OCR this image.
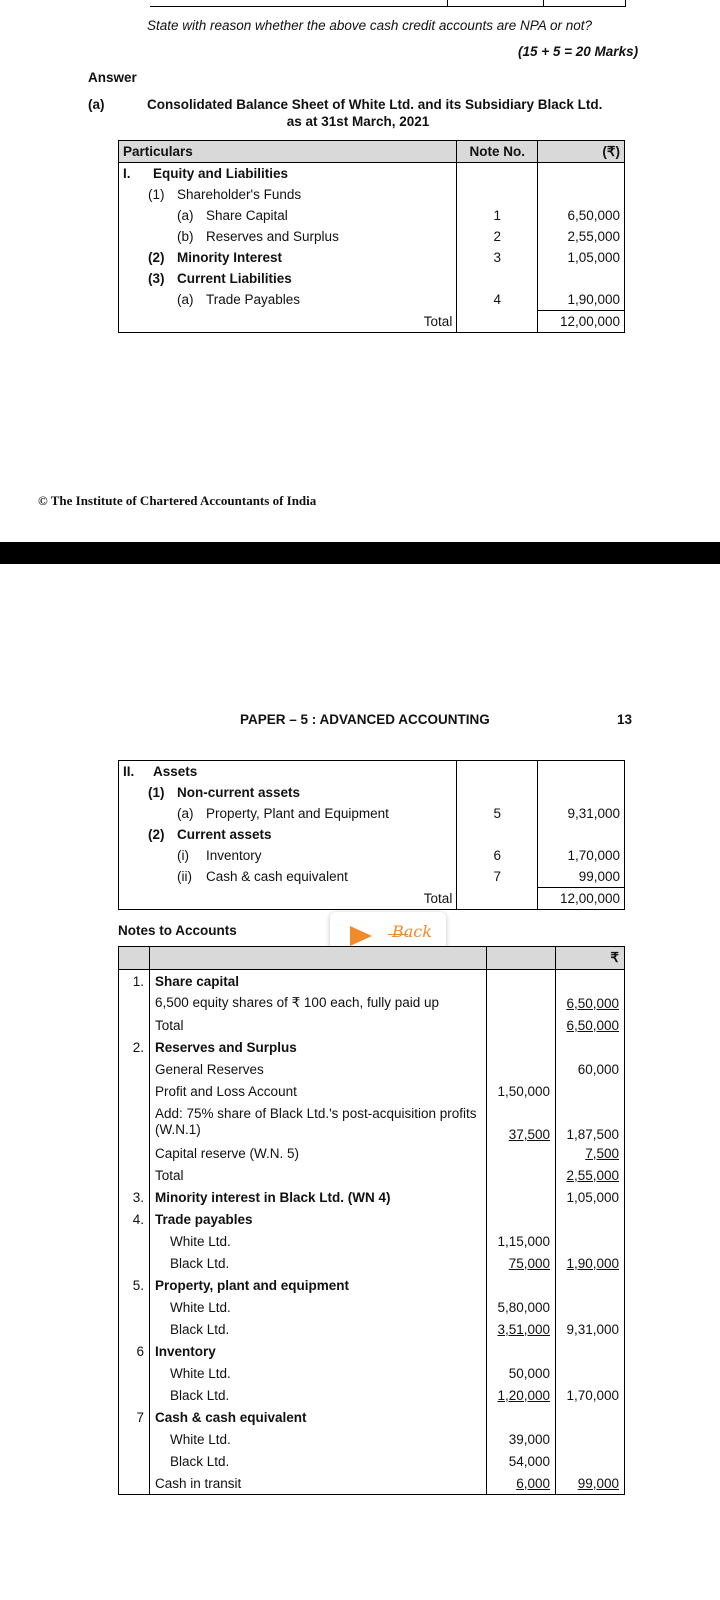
State with reason whether the above cash credit accounts are NPA or not?
(15 + 5 = 20 Marks)
Answer
(a)	Consolidated Balance Sheet of White Ltd. and its Subsidiary Black Ltd.
as at 31st March, 2021
Particulars	Note No.	(₹)
I. Equity and Liabilities		
(1) Shareholder's Funds		
(a) Share Capital	1	6,50,000
(b) Reserves and Surplus	2	2,55,000
(2) Minority Interest	3	1,05,000
(3) Current Liabilities		
(a) Trade Payables	4	1,90,000
Total		12,00,000
© The Institute of Chartered Accountants of India
PAPER – 5 : ADVANCED ACCOUNTING	13
II. Assets		
(1) Non-current assets		
(a) Property, Plant and Equipment	5	9,31,000
(2) Current assets		
(i) Inventory	6	1,70,000
(ii) Cash & cash equivalent	7	99,000
Total		12,00,000
Notes to Accounts	Back
			₹
1.	Share capital		
	6,500 equity shares of ₹ 100 each, fully paid up		6,50,000
	Total		6,50,000
2.	Reserves and Surplus		
	General Reserves		60,000
	Profit and Loss Account	1,50,000	
	Add: 75% share of Black Ltd.'s post-acquisition profits (W.N.1)	37,500	1,87,500
	Capital reserve (W.N. 5)		7,500
	Total		2,55,000
3.	Minority interest in Black Ltd. (WN 4)		1,05,000
4.	Trade payables		
	White Ltd.	1,15,000	
	Black Ltd.	75,000	1,90,000
5.	Property, plant and equipment		
	White Ltd.	5,80,000	
	Black Ltd.	3,51,000	9,31,000
6	Inventory		
	White Ltd.	50,000	
	Black Ltd.	1,20,000	1,70,000
7	Cash & cash equivalent		
	White Ltd.	39,000	
	Black Ltd.	54,000	
	Cash in transit	6,000	99,000
